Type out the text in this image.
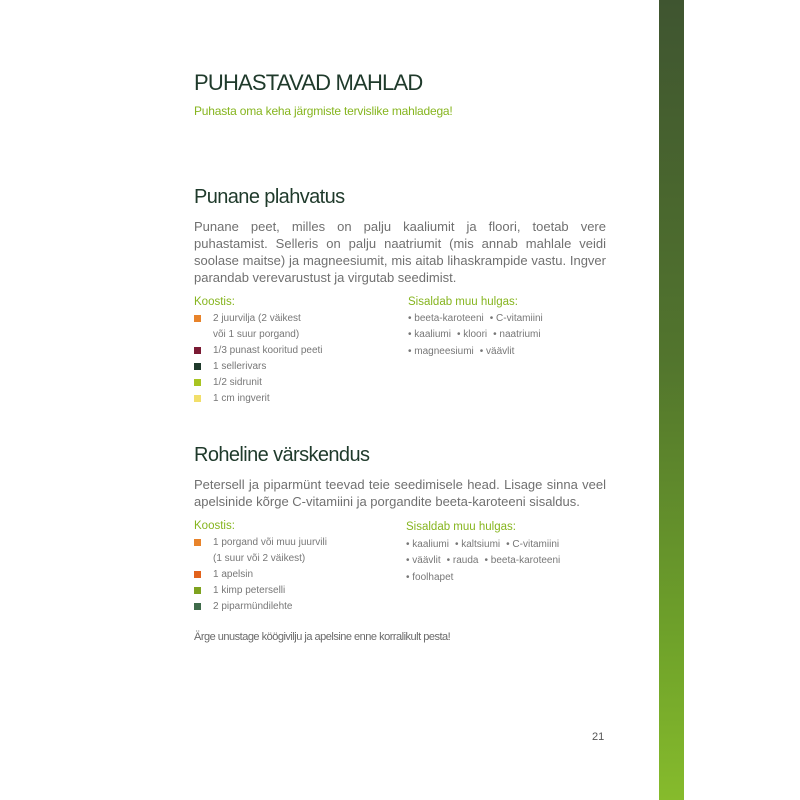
PUHASTAVAD MAHLAD
Puhasta oma keha järgmiste tervislike mahladega!
Punane plahvatus
Punane peet, milles on palju kaaliumit ja floori, toetab vere puhastamist. Selleris on palju naatriumit (mis annab mahlale veidi soolase maitse) ja magneesiumit, mis aitab lihaskrampide vastu. Ingver parandab verevarustust ja virgutab seedimist.
Koostis:
2 juurvilja (2 väikest
või 1 suur porgand)
1/3 punast kooritud peeti
1 sellerivars
1/2 sidrunit
1 cm ingverit
Sisaldab muu hulgas:
• beeta-karoteeni • C-vitamiini
• kaaliumi • kloori • naatriumi
• magneesiumi • väävlit
Roheline värskendus
Petersell ja piparmünt teevad teie seedimisele head. Lisage sinna veel apelsinide kõrge C-vitamiini ja porgandite beeta-karoteeni sisaldus.
Koostis:
1 porgand või muu juurvili
(1 suur või 2 väikest)
1 apelsin
1 kimp peterselli
2 piparmündilehte
Sisaldab muu hulgas:
• kaaliumi • kaltsiumi • C-vitamiini
• väävlit • rauda • beeta-karoteeni
• foolhapet
Ärge unustage köögivilju ja apelsine enne korralikult pesta!
21
